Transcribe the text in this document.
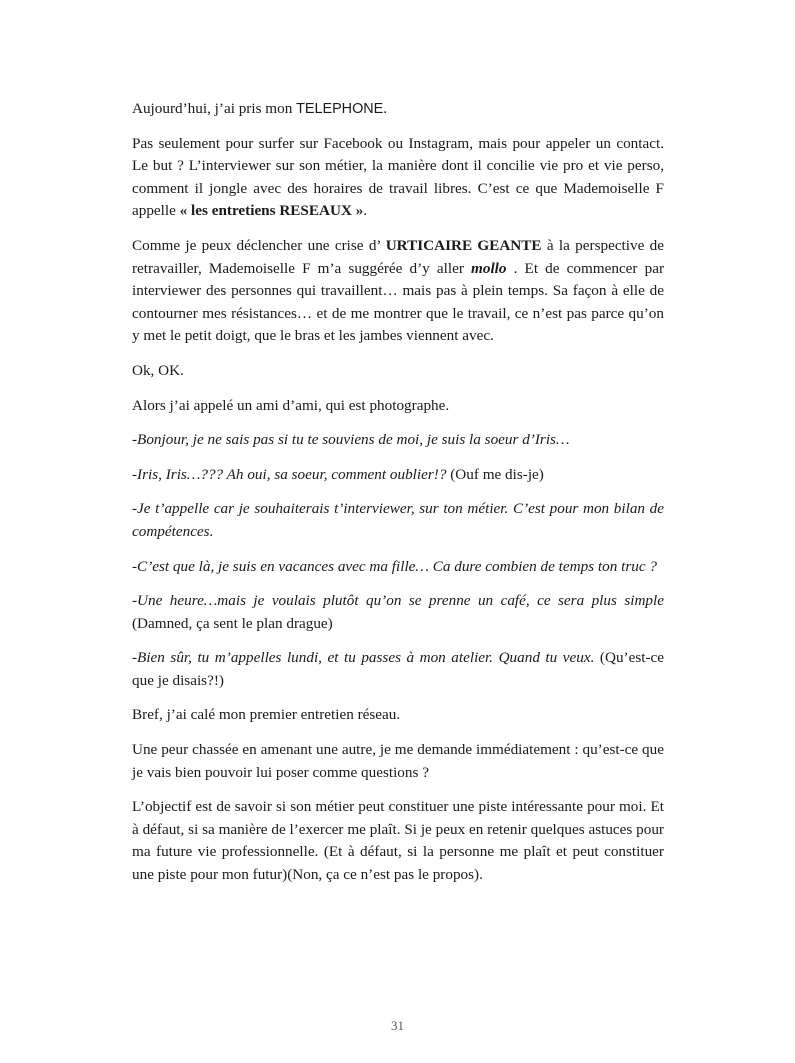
Aujourd’hui, j’ai pris mon TELEPHONE.

Pas seulement pour surfer sur Facebook ou Instagram, mais pour appeler un contact. Le but ? L’interviewer sur son métier, la manière dont il concilie vie pro et vie perso, comment il jongle avec des horaires de travail libres. C’est ce que Mademoiselle F appelle « les entretiens RESEAUX ».

Comme je peux déclencher une crise d’ URTICAIRE GEANTE à la perspective de retravailler, Mademoiselle F m’a suggérée d’y aller mollo . Et de commencer par interviewer des personnes qui travaillent… mais pas à plein temps. Sa façon à elle de contourner mes résistances… et de me montrer que le travail, ce n’est pas parce qu’on y met le petit doigt, que le bras et les jambes viennent avec.

Ok, OK.

Alors j’ai appelé un ami d’ami, qui est photographe.

-Bonjour, je ne sais pas si tu te souviens de moi, je suis la soeur d’Iris…

-Iris, Iris…??? Ah oui, sa soeur, comment oublier!? (Ouf me dis-je)

-Je t’appelle car je souhaiterais t’interviewer, sur ton métier. C’est pour mon bilan de compétences.

-C’est que là, je suis en vacances avec ma fille… Ca dure combien de temps ton truc ?

-Une heure…mais je voulais plutôt qu’on se prenne un café, ce sera plus simple (Damned, ça sent le plan drague)

-Bien sûr, tu m’appelles lundi, et tu passes à mon atelier. Quand tu veux. (Qu’est-ce que je disais?!)

Bref, j’ai calé mon premier entretien réseau.

Une peur chassée en amenant une autre, je me demande immédiatement : qu’est-ce que je vais bien pouvoir lui poser comme questions ?

L’objectif est de savoir si son métier peut constituer une piste intéressante pour moi. Et à défaut, si sa manière de l’exercer me plaît. Si je peux en retenir quelques astuces pour ma future vie professionnelle. (Et à défaut, si la personne me plaît et peut constituer une piste pour mon futur)(Non, ça ce n’est pas le propos).

31
